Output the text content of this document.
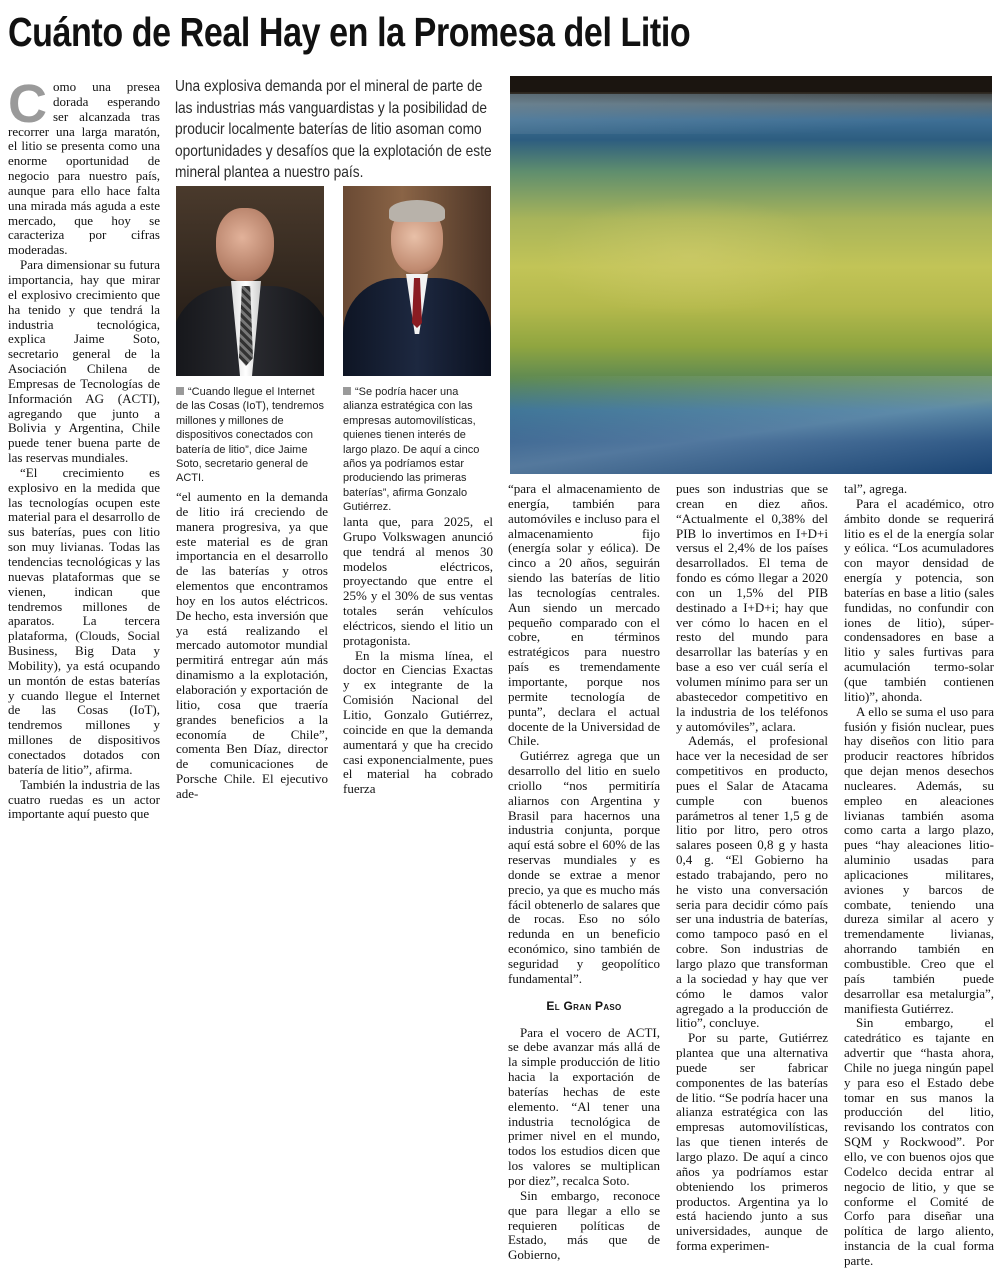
Cuánto de Real Hay en la Promesa del Litio

Como una presea dorada esperando ser alcanzada tras recorrer una larga maratón, el litio se presenta como una enorme oportunidad de negocio para nuestro país, aunque para ello hace falta una mirada más aguda a este mercado, que hoy se caracteriza por cifras moderadas.

Para dimensionar su futura importancia, hay que mirar el explosivo crecimiento que ha tenido y que tendrá la industria tecnológica, explica Jaime Soto, secretario general de la Asociación Chilena de Empresas de Tecnologías de Información AG (ACTI), agregando que junto a Bolivia y Argentina, Chile puede tener buena parte de las reservas mundiales.

“El crecimiento es explosivo en la medida que las tecnologías ocupen este material para el desarrollo de sus baterías, pues con litio son muy livianas. Todas las tendencias tecnológicas y las nuevas plataformas que se vienen, indican que tendremos millones de aparatos. La tercera plataforma, (Clouds, Social Business, Big Data y Mobility), ya está ocupando un montón de estas baterías y cuando llegue el Internet de las Cosas (IoT), tendremos millones y millones de dispositivos conectados dotados con batería de litio”, afirma.

También la industria de las cuatro ruedas es un actor importante aquí puesto que

Una explosiva demanda por el mineral de parte de las industrias más vanguardistas y la posibilidad de producir localmente baterías de litio asoman como oportunidades y desafíos que la explotación de este mineral plantea a nuestro país.

“Cuando llegue el Internet de las Cosas (IoT), tendremos millones y millones de dispositivos conectados con batería de litio”, dice Jaime Soto, secretario general de ACTI.

“Se podría hacer una alianza estratégica con las empresas automovilísticas, quienes tienen interés de largo plazo. De aquí a cinco años ya podríamos estar produciendo las primeras baterías”, afirma Gonzalo Gutiérrez.

“el aumento en la demanda de litio irá creciendo de manera progresiva, ya que este material es de gran importancia en el desarrollo de las baterías y otros elementos que encontramos hoy en los autos eléctricos. De hecho, esta inversión que ya está realizando el mercado automotor mundial permitirá entregar aún más dinamismo a la explotación, elaboración y exportación de litio, cosa que traería grandes beneficios a la economía de Chile”, comenta Ben Díaz, director de comunicaciones de Porsche Chile. El ejecutivo ade-

lanta que, para 2025, el Grupo Volkswagen anunció que tendrá al menos 30 modelos eléctricos, proyectando que entre el 25% y el 30% de sus ventas totales serán vehículos eléctricos, siendo el litio un protagonista.

En la misma línea, el doctor en Ciencias Exactas y ex integrante de la Comisión Nacional del Litio, Gonzalo Gutiérrez, coincide en que la demanda aumentará y que ha crecido casi exponencialmente, pues el material ha cobrado fuerza

“para el almacenamiento de energía, también para automóviles e incluso para el almacenamiento fijo (energía solar y eólica). De cinco a 20 años, seguirán siendo las baterías de litio las tecnologías centrales. Aun siendo un mercado pequeño comparado con el cobre, en términos estratégicos para nuestro país es tremendamente importante, porque nos permite tecnología de punta”, declara el actual docente de la Universidad de Chile.

Gutiérrez agrega que un desarrollo del litio en suelo criollo “nos permitiría aliarnos con Argentina y Brasil para hacernos una industria conjunta, porque aquí está sobre el 60% de las reservas mundiales y es donde se extrae a menor precio, ya que es mucho más fácil obtenerlo de salares que de rocas. Eso no sólo redunda en un beneficio económico, sino también de seguridad y geopolítico fundamental”.

El Gran Paso

Para el vocero de ACTI, se debe avanzar más allá de la simple producción de litio hacia la exportación de baterías hechas de este elemento. “Al tener una industria tecnológica de primer nivel en el mundo, todos los estudios dicen que los valores se multiplican por diez”, recalca Soto.

Sin embargo, reconoce que para llegar a ello se requieren políticas de Estado, más que de Gobierno,

pues son industrias que se crean en diez años. “Actualmente el 0,38% del PIB lo invertimos en I+D+i versus el 2,4% de los países desarrollados. El tema de fondo es cómo llegar a 2020 con un 1,5% del PIB destinado a I+D+i; hay que ver cómo lo hacen en el resto del mundo para desarrollar las baterías y en base a eso ver cuál sería el volumen mínimo para ser un abastecedor competitivo en la industria de los teléfonos y automóviles”, aclara.

Además, el profesional hace ver la necesidad de ser competitivos en producto, pues el Salar de Atacama cumple con buenos parámetros al tener 1,5 g de litio por litro, pero otros salares poseen 0,8 g y hasta 0,4 g. “El Gobierno ha estado trabajando, pero no he visto una conversación seria para decidir cómo país ser una industria de baterías, como tampoco pasó en el cobre. Son industrias de largo plazo que transforman a la sociedad y hay que ver cómo le damos valor agregado a la producción de litio”, concluye.

Por su parte, Gutiérrez plantea que una alternativa puede ser fabricar componentes de las baterías de litio. “Se podría hacer una alianza estratégica con las empresas automovilísticas, las que tienen interés de largo plazo. De aquí a cinco años ya podríamos estar obteniendo los primeros productos. Argentina ya lo está haciendo junto a sus universidades, aunque de forma experimen-

tal”, agrega.

Para el académico, otro ámbito donde se requerirá litio es el de la energía solar y eólica. “Los acumuladores con mayor densidad de energía y potencia, son baterías en base a litio (sales fundidas, no confundir con iones de litio), súper-condensadores en base a litio y sales furtivas para acumulación termo-solar (que también contienen litio)”, ahonda.

A ello se suma el uso para fusión y fisión nuclear, pues hay diseños con litio para producir reactores híbridos que dejan menos desechos nucleares. Además, su empleo en aleaciones livianas también asoma como carta a largo plazo, pues “hay aleaciones litio-aluminio usadas para aplicaciones militares, aviones y barcos de combate, teniendo una dureza similar al acero y tremendamente livianas, ahorrando también en combustible. Creo que el país también puede desarrollar esa metalurgia”, manifiesta Gutiérrez.

Sin embargo, el catedrático es tajante en advertir que “hasta ahora, Chile no juega ningún papel y para eso el Estado debe tomar en sus manos la producción del litio, revisando los contratos con SQM y Rockwood”. Por ello, ve con buenos ojos que Codelco decida entrar al negocio de litio, y que se conforme el Comité de Corfo para diseñar una política de largo aliento, instancia de la cual forma parte.
